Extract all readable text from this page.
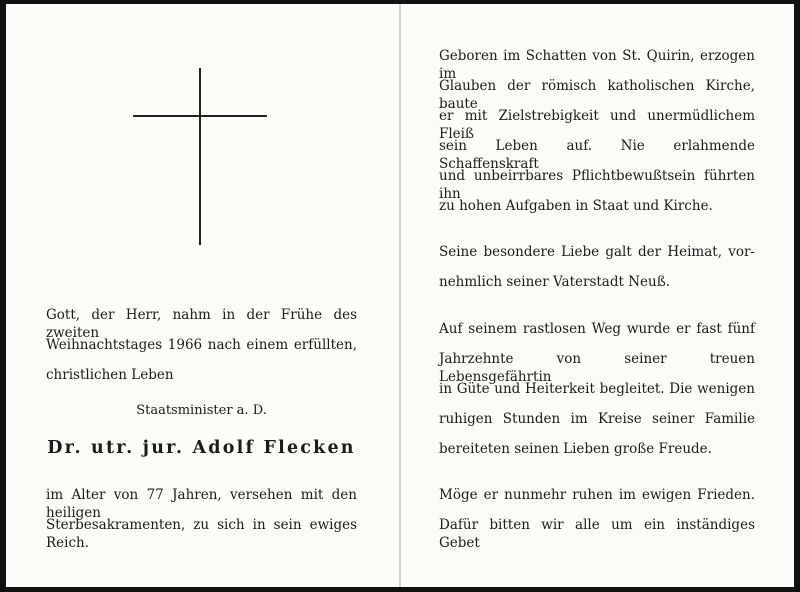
Gott, der Herr, nahm in der Frühe des zweiten
Weihnachtstages 1966 nach einem erfüllten,
christlichen Leben
Staatsminister a. D.
Dr. utr. jur. Adolf Flecken
im Alter von 77 Jahren, versehen mit den heiligen
Sterbesakramenten, zu sich in sein ewiges Reich.
Geboren im Schatten von St. Quirin, erzogen im
Glauben der römisch katholischen Kirche, baute
er mit Zielstrebigkeit und unermüdlichem Fleiß
sein Leben auf. Nie erlahmende Schaffenskraft
und unbeirrbares Pflichtbewußtsein führten ihn
zu hohen Aufgaben in Staat und Kirche.
Seine besondere Liebe galt der Heimat, vor-
nehmlich seiner Vaterstadt Neuß.
Auf seinem rastlosen Weg wurde er fast fünf
Jahrzehnte von seiner treuen Lebensgefährtin
in Güte und Heiterkeit begleitet. Die wenigen
ruhigen Stunden im Kreise seiner Familie
bereiteten seinen Lieben große Freude.
Möge er nunmehr ruhen im ewigen Frieden.
Dafür bitten wir alle um ein inständiges Gebet
